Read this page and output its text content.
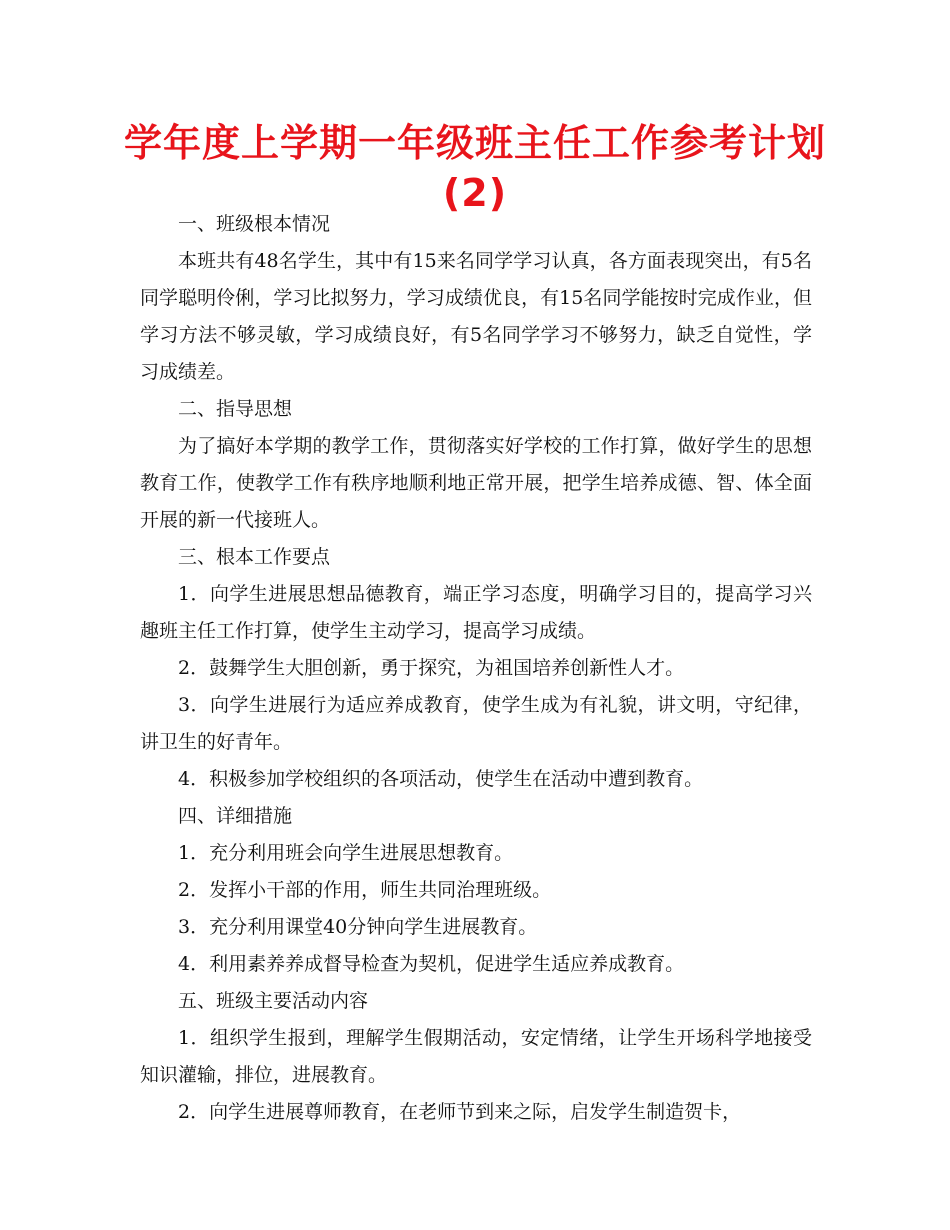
学年度上学期一年级班主任工作参考计划(2)

一、班级根本情况

本班共有48名学生，其中有15来名同学学习认真，各方面表现突出，有5名同学聪明伶俐，学习比拟努力，学习成绩优良，有15名同学能按时完成作业，但学习方法不够灵敏，学习成绩良好，有5名同学学习不够努力，缺乏自觉性，学习成绩差。

二、指导思想

为了搞好本学期的教学工作，贯彻落实好学校的工作打算，做好学生的思想教育工作，使教学工作有秩序地顺利地正常开展，把学生培养成德、智、体全面开展的新一代接班人。

三、根本工作要点

1．向学生进展思想品德教育，端正学习态度，明确学习目的，提高学习兴趣班主任工作打算，使学生主动学习，提高学习成绩。

2．鼓舞学生大胆创新，勇于探究，为祖国培养创新性人才。

3．向学生进展行为适应养成教育，使学生成为有礼貌，讲文明，守纪律，讲卫生的好青年。

4．积极参加学校组织的各项活动，使学生在活动中遭到教育。

四、详细措施

1．充分利用班会向学生进展思想教育。

2．发挥小干部的作用，师生共同治理班级。

3．充分利用课堂40分钟向学生进展教育。

4．利用素养养成督导检查为契机，促进学生适应养成教育。

五、班级主要活动内容

1．组织学生报到，理解学生假期活动，安定情绪，让学生开场科学地接受知识灌输，排位，进展教育。

2．向学生进展尊师教育，在老师节到来之际，启发学生制造贺卡，
